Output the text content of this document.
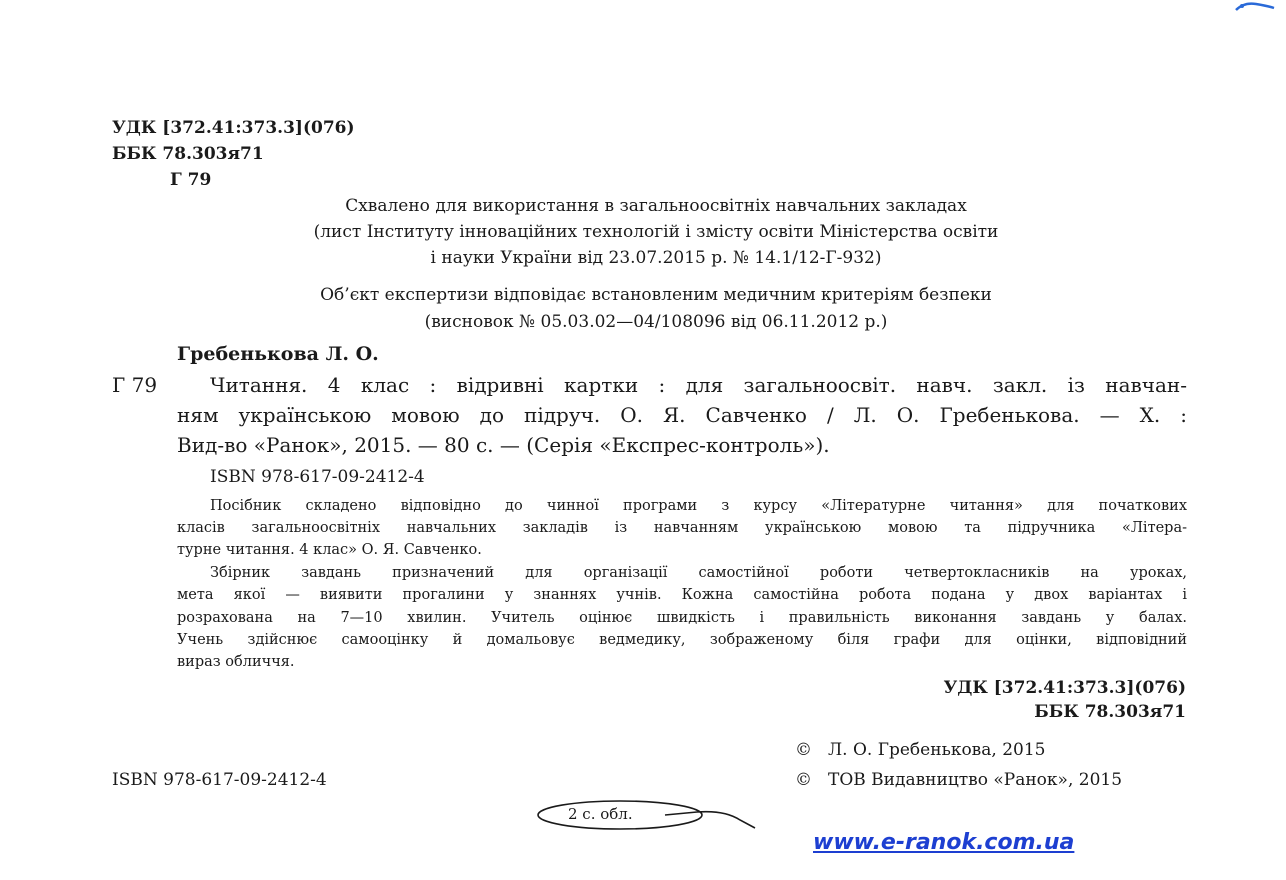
УДК [372.41:373.3](076)
ББК 78.303я71
Г 79
Схвалено для використання в загальноосвітніх навчальних закладах
(лист Інституту інноваційних технологій і змісту освіти Міністерства освіти
і науки України від 23.07.2015 р. № 14.1/12-Г-932)
Об’єкт експертизи відповідає встановленим медичним критеріям безпеки
(висновок № 05.03.02—04/108096 від 06.11.2012 р.)
Гребенькова Л. О.
Г 79	Читання. 4 клас : відривні картки : для загальноосвіт. навч. закл. із навчан-
ням українською мовою до підруч. О. Я. Савченко / Л. О. Гребенькова. — Х. :
Вид-во «Ранок», 2015. — 80 с. — (Серія «Експрес-контроль»).
ISBN 978-617-09-2412-4
Посібник складено відповідно до чинної програми з курсу «Літературне читання» для початкових
класів загальноосвітніх навчальних закладів із навчанням українською мовою та підручника «Літера-
турне читання. 4 клас» О. Я. Савченко.
Збірник завдань призначений для організації самостійної роботи четвертокласників на уроках,
мета якої — виявити прогалини у знаннях учнів. Кожна самостійна робота подана у двох варіантах і
розрахована на 7—10 хвилин. Учитель оцінює швидкість і правильність виконання завдань у балах.
Учень здійснює самооцінку й домальовує ведмедику, зображеному біля графи для оцінки, відповідний
вираз обличчя.
УДК [372.41:373.3](076)
ББК 78.303я71
© Л. О. Гребенькова, 2015
© ТОВ Видавництво «Ранок», 2015
ISBN 978-617-09-2412-4
2 с. обл.
www.e-ranok.com.ua
